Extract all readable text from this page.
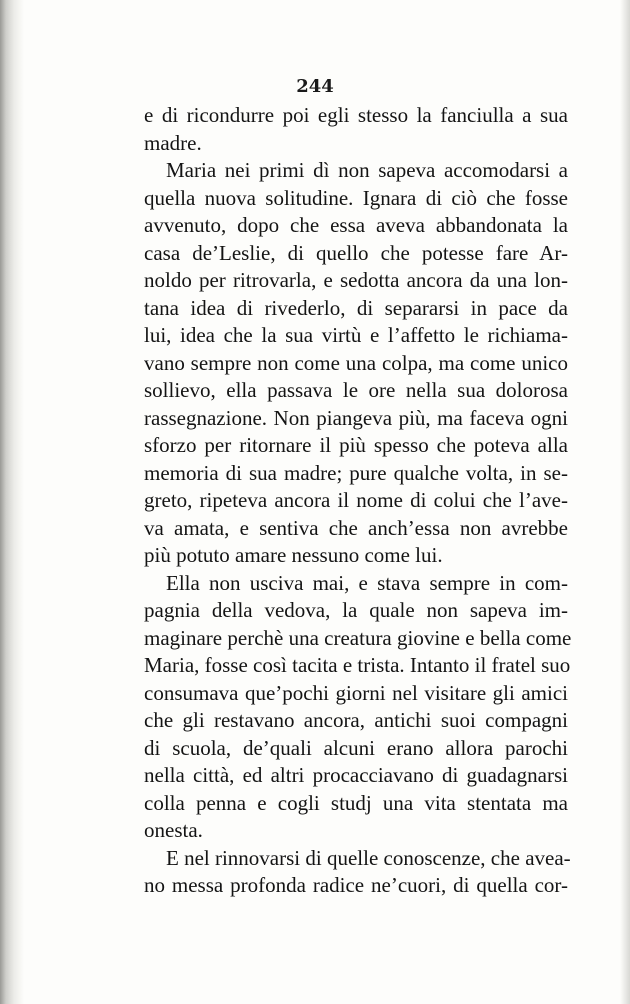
244
e di ricondurre poi egli stesso la fanciulla a sua
madre.
Maria nei primi dì non sapeva accomodarsi a
quella nuova solitudine. Ignara di ciò che fosse
avvenuto, dopo che essa aveva abbandonata la
casa de’Leslie, di quello che potesse fare Ar-
noldo per ritrovarla, e sedotta ancora da una lon-
tana idea di rivederlo, di separarsi in pace da
lui, idea che la sua virtù e l’affetto le richiama-
vano sempre non come una colpa, ma come unico
sollievo, ella passava le ore nella sua dolorosa
rassegnazione. Non piangeva più, ma faceva ogni
sforzo per ritornare il più spesso che poteva alla
memoria di sua madre; pure qualche volta, in se-
greto, ripeteva ancora il nome di colui che l’ave-
va amata, e sentiva che anch’essa non avrebbe
più potuto amare nessuno come lui.
Ella non usciva mai, e stava sempre in com-
pagnia della vedova, la quale non sapeva im-
maginare perchè una creatura giovine e bella come
Maria, fosse così tacita e trista. Intanto il fratel suo
consumava que’pochi giorni nel visitare gli amici
che gli restavano ancora, antichi suoi compagni
di scuola, de’quali alcuni erano allora parochi
nella città, ed altri procacciavano di guadagnarsi
colla penna e cogli studj una vita stentata ma
onesta.
E nel rinnovarsi di quelle conoscenze, che avea-
no messa profonda radice ne’cuori, di quella cor-
